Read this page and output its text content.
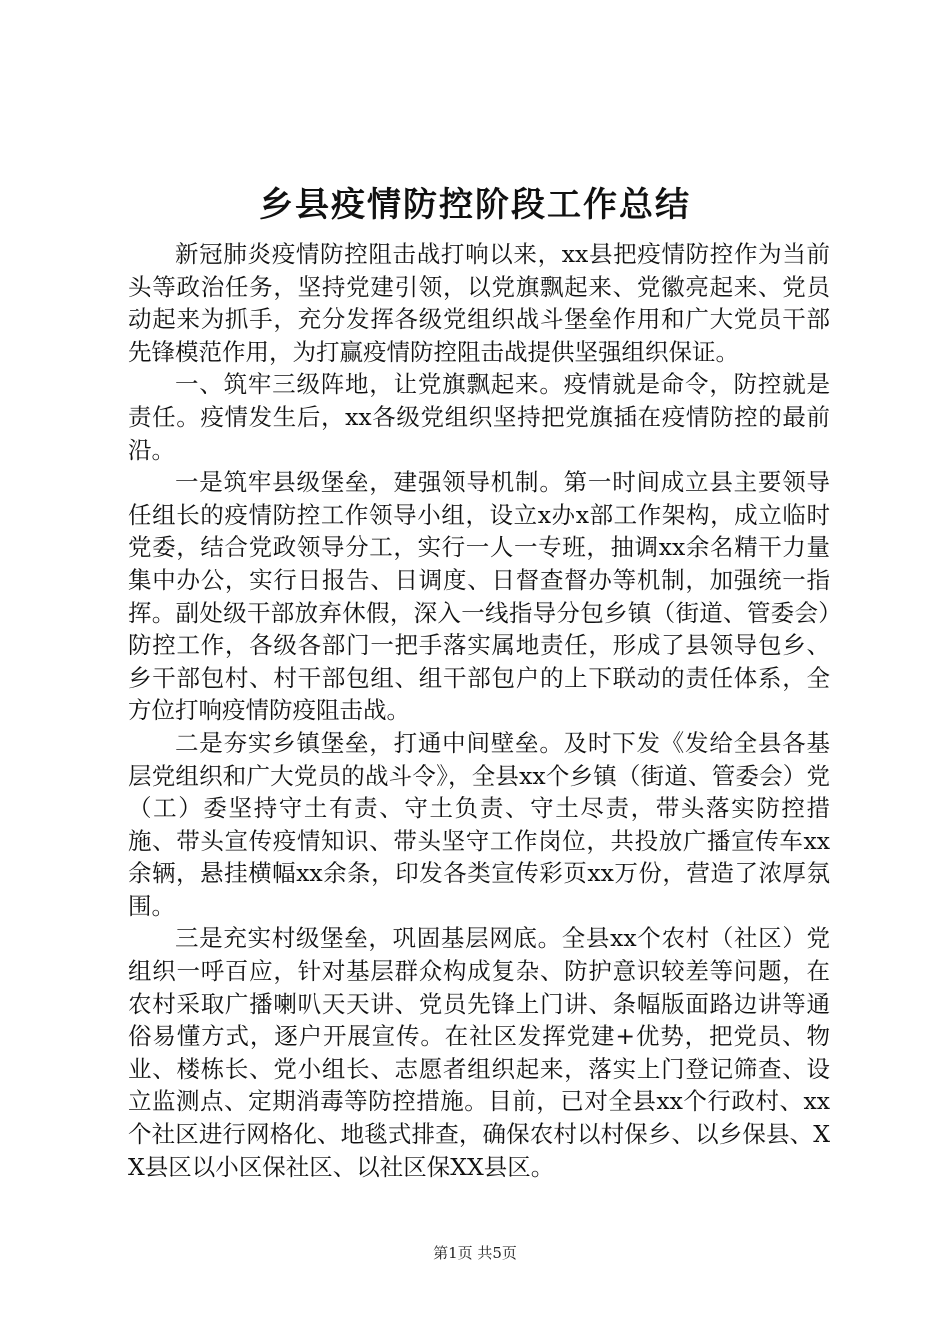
乡县疫情防控阶段工作总结

新冠肺炎疫情防控阻击战打响以来，xx县把疫情防控作为当前头等政治任务，坚持党建引领，以党旗飘起来、党徽亮起来、党员动起来为抓手，充分发挥各级党组织战斗堡垒作用和广大党员干部先锋模范作用，为打赢疫情防控阻击战提供坚强组织保证。

一、筑牢三级阵地，让党旗飘起来。疫情就是命令，防控就是责任。疫情发生后，xx各级党组织坚持把党旗插在疫情防控的最前沿。

一是筑牢县级堡垒，建强领导机制。第一时间成立县主要领导任组长的疫情防控工作领导小组，设立x办x部工作架构，成立临时党委，结合党政领导分工，实行一人一专班，抽调xx余名精干力量集中办公，实行日报告、日调度、日督查督办等机制，加强统一指挥。副处级干部放弃休假，深入一线指导分包乡镇（街道、管委会）防控工作，各级各部门一把手落实属地责任，形成了县领导包乡、乡干部包村、村干部包组、组干部包户的上下联动的责任体系，全方位打响疫情防疫阻击战。

二是夯实乡镇堡垒，打通中间壁垒。及时下发《发给全县各基层党组织和广大党员的战斗令》，全县xx个乡镇（街道、管委会）党（工）委坚持守土有责、守土负责、守土尽责，带头落实防控措施、带头宣传疫情知识、带头坚守工作岗位，共投放广播宣传车xx余辆，悬挂横幅xx余条，印发各类宣传彩页xx万份，营造了浓厚氛围。

三是充实村级堡垒，巩固基层网底。全县xx个农村（社区）党组织一呼百应，针对基层群众构成复杂、防护意识较差等问题，在农村采取广播喇叭天天讲、党员先锋上门讲、条幅版面路边讲等通俗易懂方式，逐户开展宣传。在社区发挥党建+优势，把党员、物业、楼栋长、党小组长、志愿者组织起来，落实上门登记筛查、设立监测点、定期消毒等防控措施。目前，已对全县xx个行政村、xx个社区进行网格化、地毯式排查，确保农村以村保乡、以乡保县、XX县区以小区保社区、以社区保XX县区。

第1页 共5页
